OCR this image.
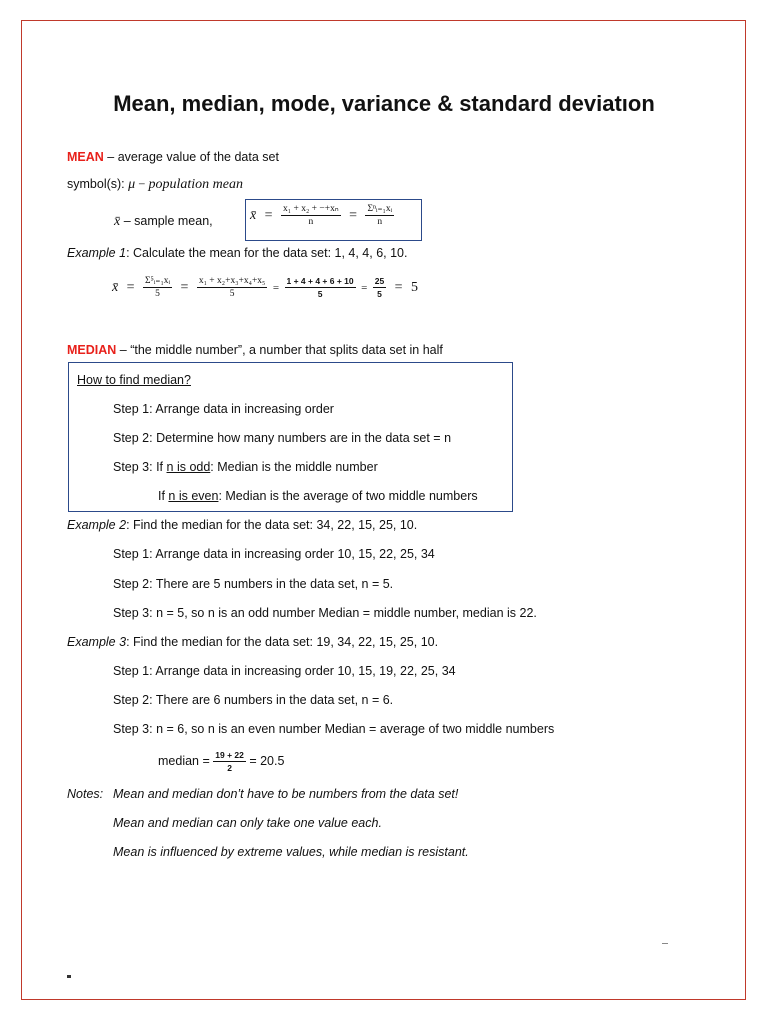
Mean, median, mode, variance & standard deviatıon
MEAN – average value of the data set
symbol(s): μ − population mean
x̄ – sample mean,	x̄ = $\frac{\text{x₁ + x₂ + −+xₙ}}{n} = \frac{\text{Σⁿᵢ₌₁xᵢ}}{n}$
Example 1: Calculate the mean for the data set: 1, 4, 4, 6, 10.
x̄ = $\frac{\text{Σ⁵ᵢ₌₁xᵢ}}{5} = \frac{\text{x₁ + x₂+x₃+x₄+x₅}}{5} = \frac{1 + 4 + 4 + 6 + 10}{5} = \frac{25}{5} = 5$
MEDIAN – “the middle number”, a number that splits data set in half
How to find median?
Step 1: Arrange data in increasing order
Step 2: Determine how many numbers are in the data set = n
Step 3: If n is odd: Median is the middle number
If n is even: Median is the average of two middle numbers
Example 2: Find the median for the data set: 34, 22, 15, 25, 10.
Step 1: Arrange data in increasing order 10, 15, 22, 25, 34
Step 2: There are 5 numbers in the data set, n = 5.
Step 3: n = 5, so n is an odd number Median = middle number, median is 22.
Example 3: Find the median for the data set: 19, 34, 22, 15, 25, 10.
Step 1: Arrange data in increasing order 10, 15, 19, 22, 25, 34
Step 2: There are 6 numbers in the data set, n = 6.
Step 3: n = 6, so n is an even number Median = average of two middle numbers
median = $\frac{19 + 22}{2} = 20.5$
Notes: Mean and median don’t have to be numbers from the data set!
Mean and median can only take one value each.
Mean is influenced by extreme values, while median is resistant.
